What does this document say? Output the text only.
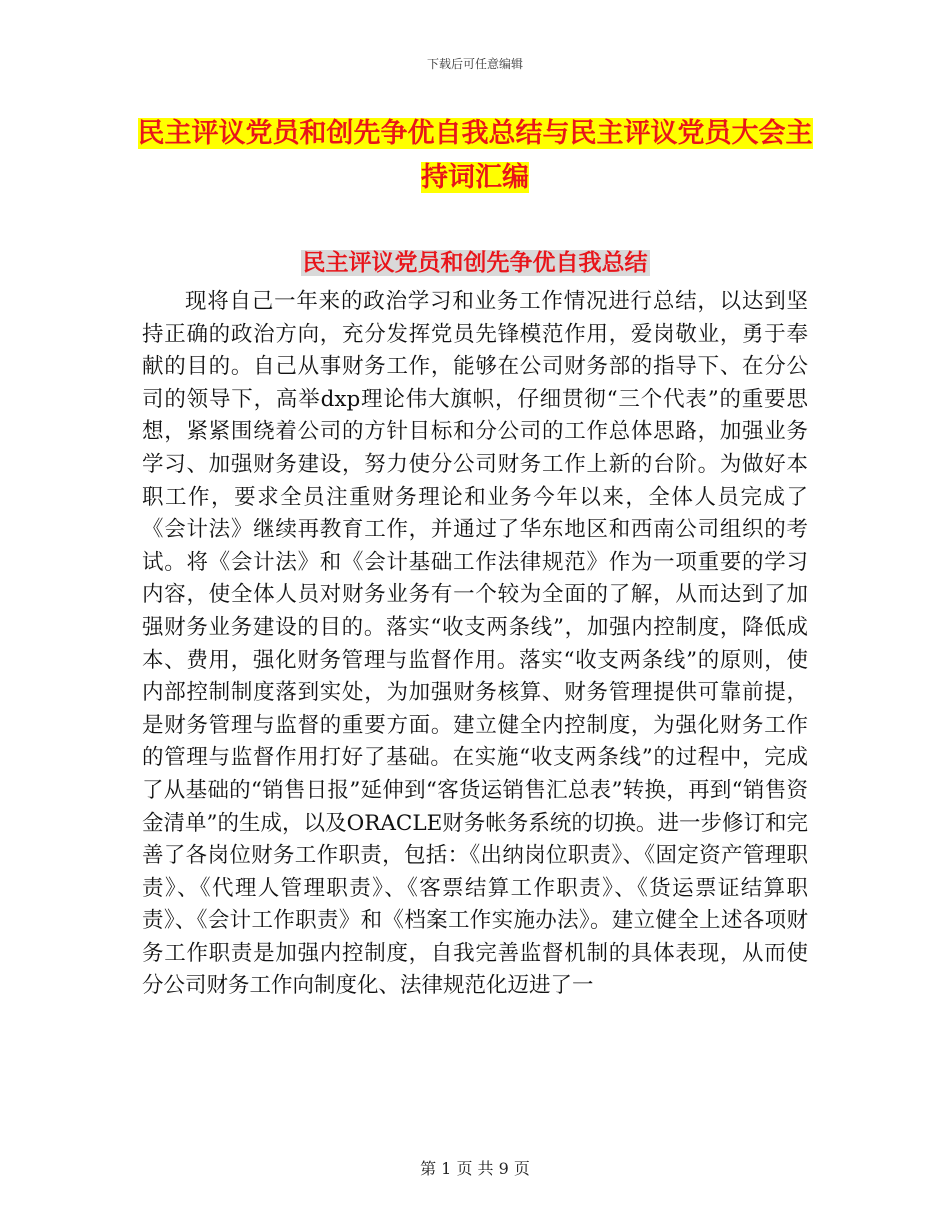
下载后可任意编辑
民主评议党员和创先争优自我总结与民主评议党员大会主持词汇编
民主评议党员和创先争优自我总结

现将自己一年来的政治学习和业务工作情况进行总结，以达到坚持正确的政治方向，充分发挥党员先锋模范作用，爱岗敬业，勇于奉献的目的。自己从事财务工作，能够在公司财务部的指导下、在分公司的领导下，高举dxp理论伟大旗帜，仔细贯彻“三个代表”的重要思想，紧紧围绕着公司的方针目标和分公司的工作总体思路，加强业务学习、加强财务建设，努力使分公司财务工作上新的台阶。为做好本职工作，要求全员注重财务理论和业务今年以来，全体人员完成了《会计法》继续再教育工作，并通过了华东地区和西南公司组织的考试。将《会计法》和《会计基础工作法律规范》作为一项重要的学习内容，使全体人员对财务业务有一个较为全面的了解，从而达到了加强财务业务建设的目的。落实“收支两条线”，加强内控制度，降低成本、费用，强化财务管理与监督作用。落实“收支两条线”的原则，使内部控制制度落到实处，为加强财务核算、财务管理提供可靠前提，是财务管理与监督的重要方面。建立健全内控制度，为强化财务工作的管理与监督作用打好了基础。在实施“收支两条线”的过程中，完成了从基础的“销售日报”延伸到“客货运销售汇总表”转换，再到“销售资金清单”的生成，以及ORACLE财务帐务系统的切换。进一步修订和完善了各岗位财务工作职责，包括：《出纳岗位职责》、《固定资产管理职责》、《代理人管理职责》、《客票结算工作职责》、《货运票证结算职责》、《会计工作职责》和《档案工作实施办法》。建立健全上述各项财务工作职责是加强内控制度，自我完善监督机制的具体表现，从而使分公司财务工作向制度化、法律规范化迈进了一

第 1 页 共 9 页
